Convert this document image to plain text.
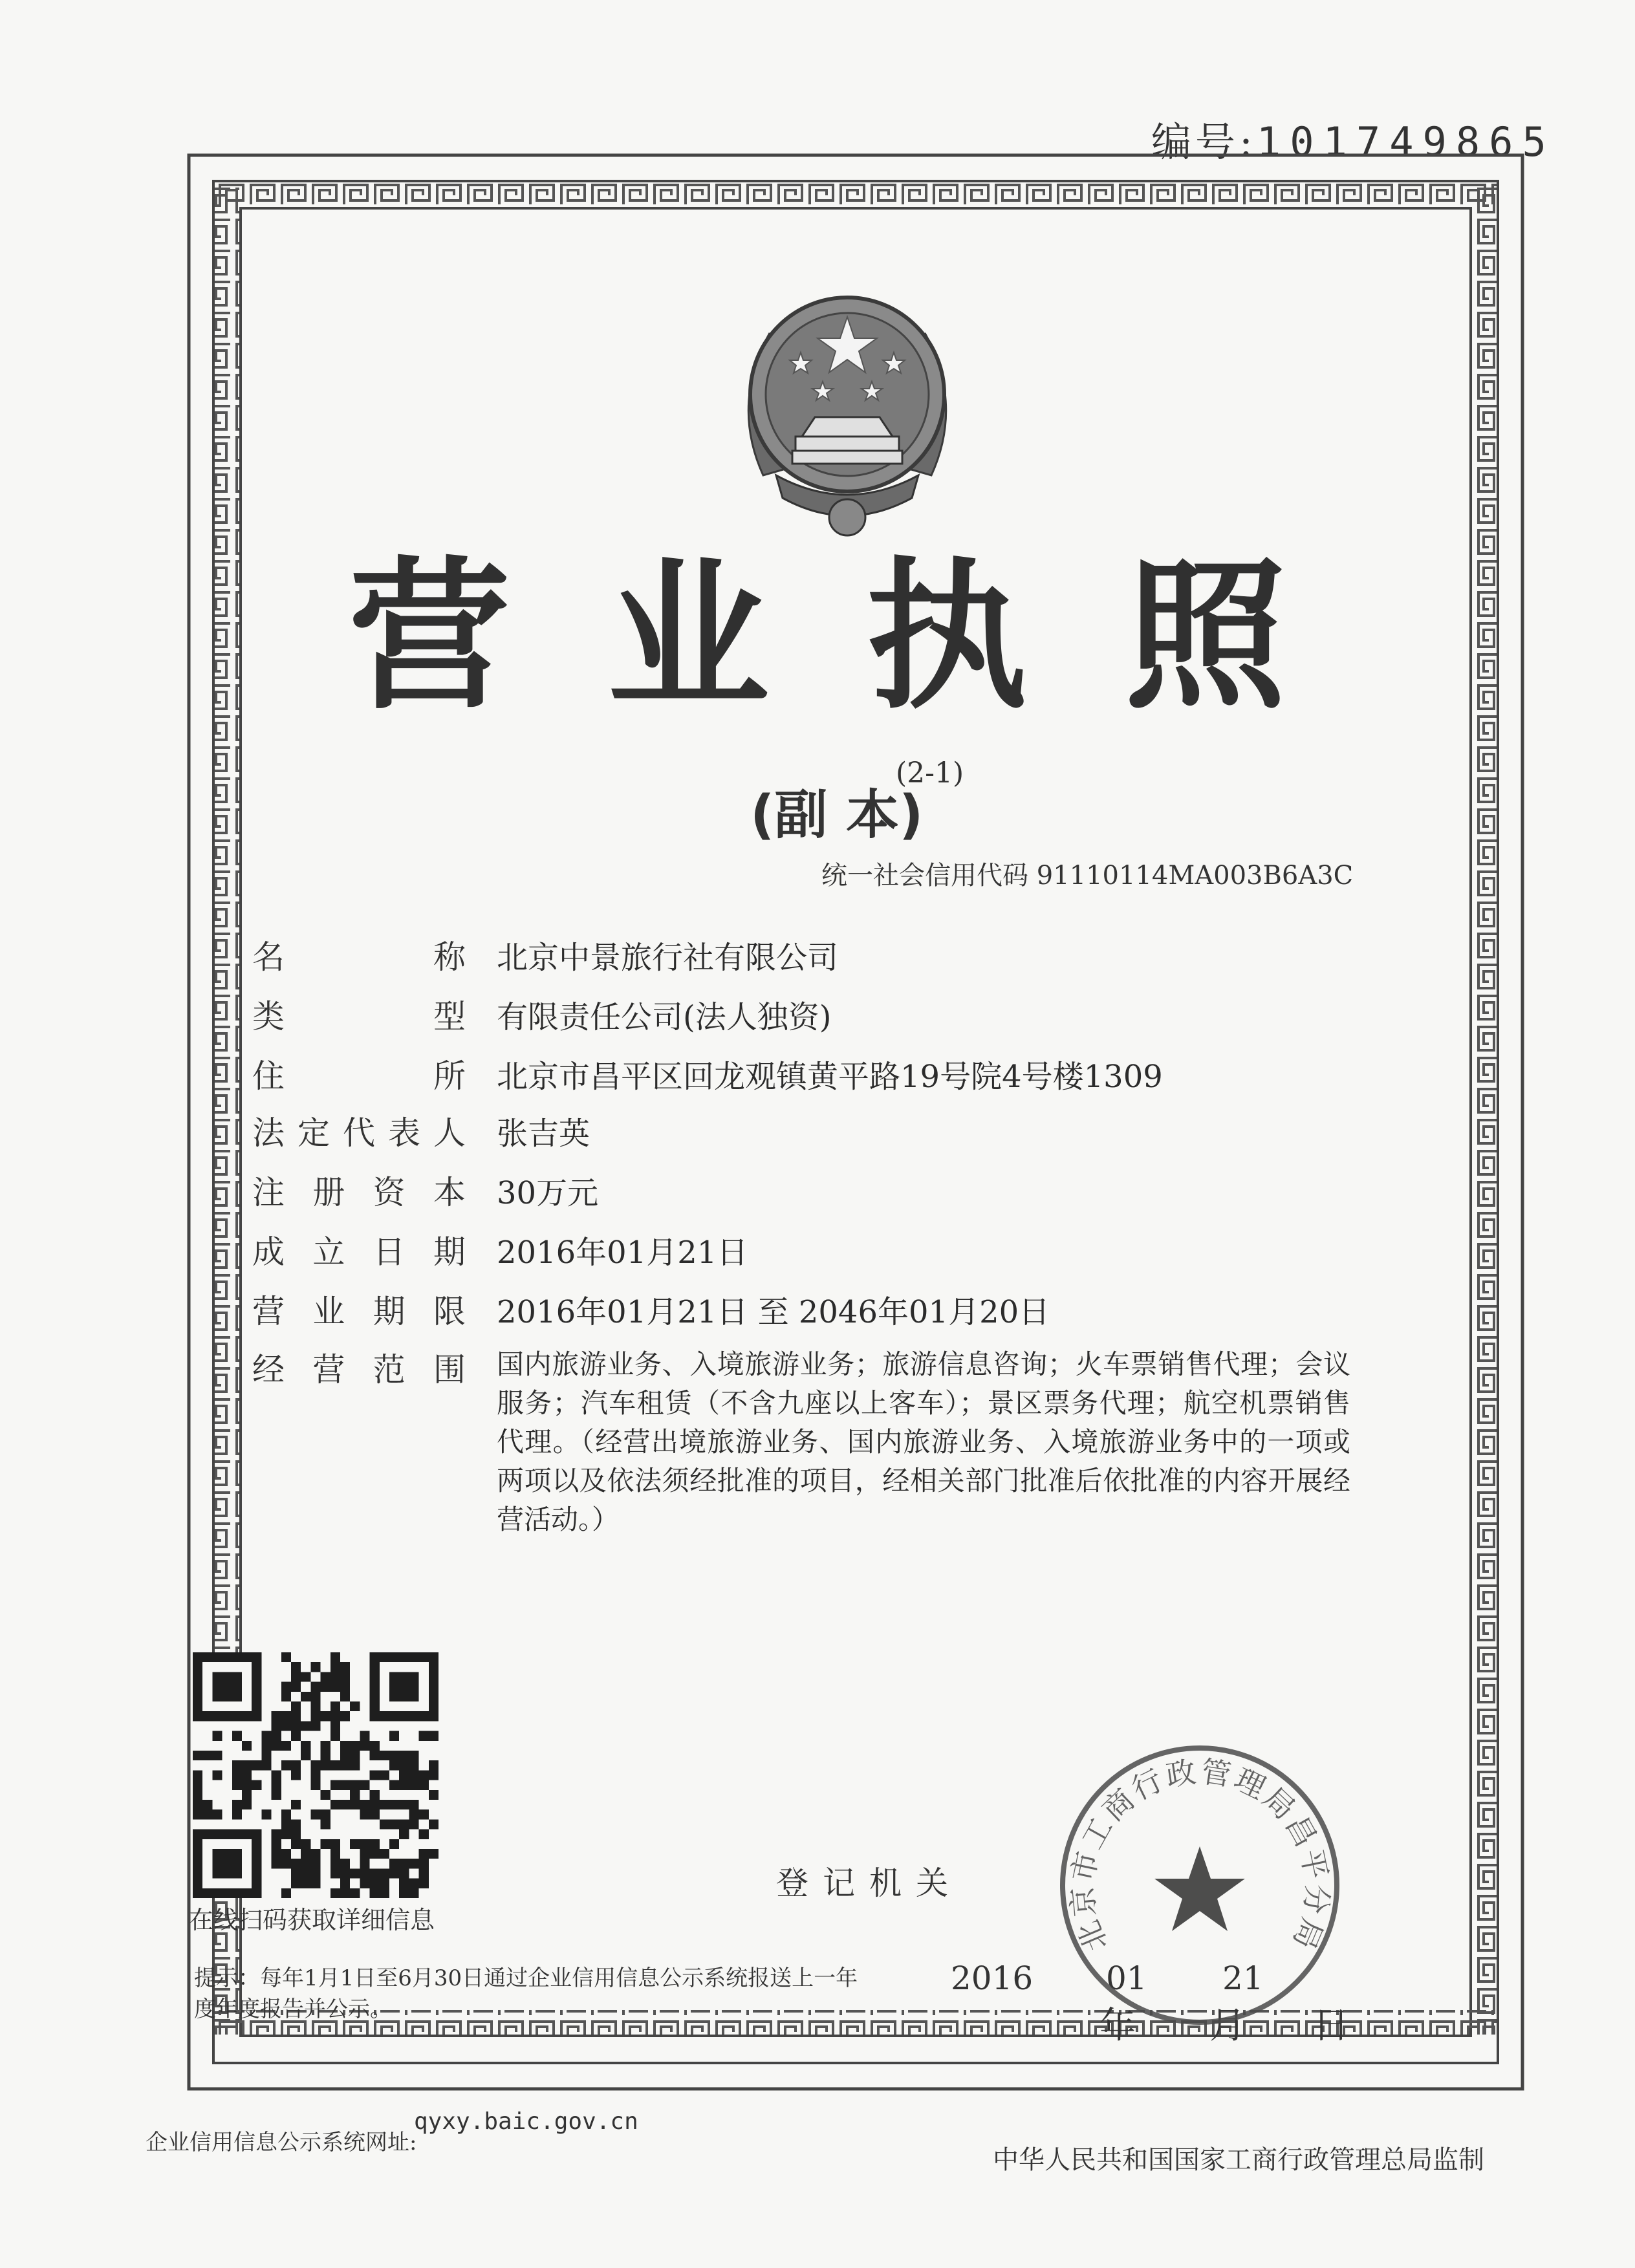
编号:101749865
营业执照
(2-1)
(副 本)
统一社会信用代码 91110114MA003B6A3C
名	称 北京中景旅行社有限公司
类	型 有限责任公司(法人独资)
住	所 北京市昌平区回龙观镇黄平路19号院4号楼1309
法 定 代 表 人 张吉英
注 册 资 本 30万元
成 立 日 期 2016年01月21日
营 业 期 限 2016年01月21日 至 2046年01月20日
经 营 范 围 国内旅游业务、入境旅游业务；旅游信息咨询；火车票销售代理；会议服务；汽车租赁（不含九座以上客车）；景区票务代理；航空机票销售代理。（经营出境旅游业务、国内旅游业务、入境旅游业务中的一项或两项以及依法须经批准的项目，经相关部门批准后依批准的内容开展经营活动。）
在线扫码获取详细信息
登记机关
2016 01 21
年 月 日
北京市工商行政管理局昌平分局
提示：每年1月1日至6月30日通过企业信用信息公示系统报送上一年度年度报告并公示。
企业信用信息公示系统网址:
qyxy.baic.gov.cn
中华人民共和国国家工商行政管理总局监制
